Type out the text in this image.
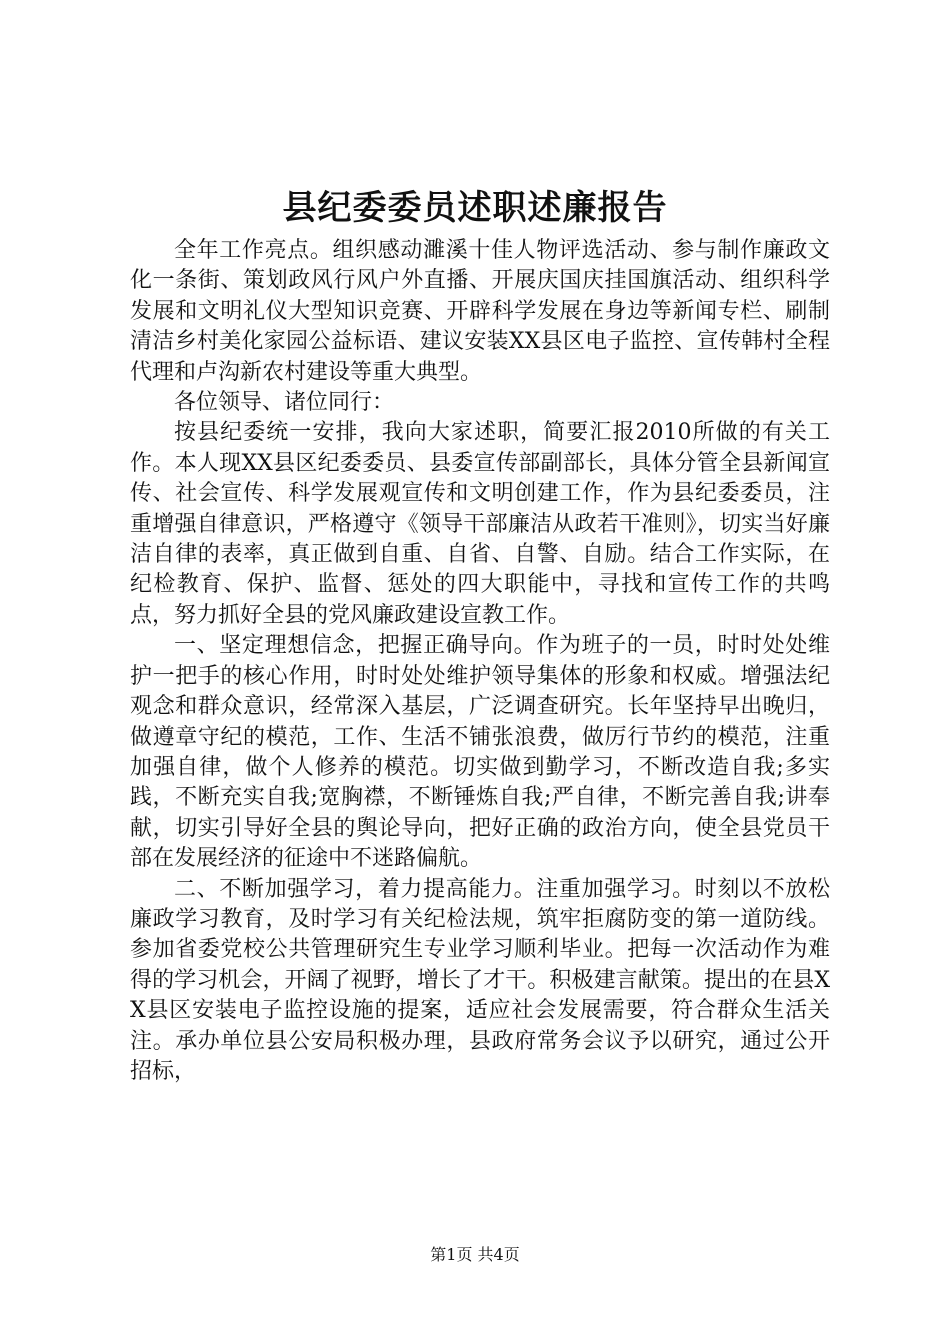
县纪委委员述职述廉报告

全年工作亮点。组织感动濉溪十佳人物评选活动、参与制作廉政文化一条街、策划政风行风户外直播、开展庆国庆挂国旗活动、组织科学发展和文明礼仪大型知识竞赛、开辟科学发展在身边等新闻专栏、刷制清洁乡村美化家园公益标语、建议安装XX县区电子监控、宣传韩村全程代理和卢沟新农村建设等重大典型。

各位领导、诸位同行：

按县纪委统一安排，我向大家述职，简要汇报2010所做的有关工作。本人现XX县区纪委委员、县委宣传部副部长，具体分管全县新闻宣传、社会宣传、科学发展观宣传和文明创建工作，作为县纪委委员，注重增强自律意识，严格遵守《领导干部廉洁从政若干准则》，切实当好廉洁自律的表率，真正做到自重、自省、自警、自励。结合工作实际，在纪检教育、保护、监督、惩处的四大职能中，寻找和宣传工作的共鸣点，努力抓好全县的党风廉政建设宣教工作。

一、坚定理想信念，把握正确导向。作为班子的一员，时时处处维护一把手的核心作用，时时处处维护领导集体的形象和权威。增强法纪观念和群众意识，经常深入基层，广泛调查研究。长年坚持早出晚归，做遵章守纪的模范，工作、生活不铺张浪费，做厉行节约的模范，注重加强自律，做个人修养的模范。切实做到勤学习，不断改造自我;多实践，不断充实自我;宽胸襟，不断锤炼自我;严自律，不断完善自我;讲奉献，切实引导好全县的舆论导向，把好正确的政治方向，使全县党员干部在发展经济的征途中不迷路偏航。

二、不断加强学习，着力提高能力。注重加强学习。时刻以不放松廉政学习教育，及时学习有关纪检法规，筑牢拒腐防变的第一道防线。参加省委党校公共管理研究生专业学习顺利毕业。把每一次活动作为难得的学习机会，开阔了视野，增长了才干。积极建言献策。提出的在县XX县区安装电子监控设施的提案，适应社会发展需要，符合群众生活关注。承办单位县公安局积极办理，县政府常务会议予以研究，通过公开招标，

第1页 共4页
